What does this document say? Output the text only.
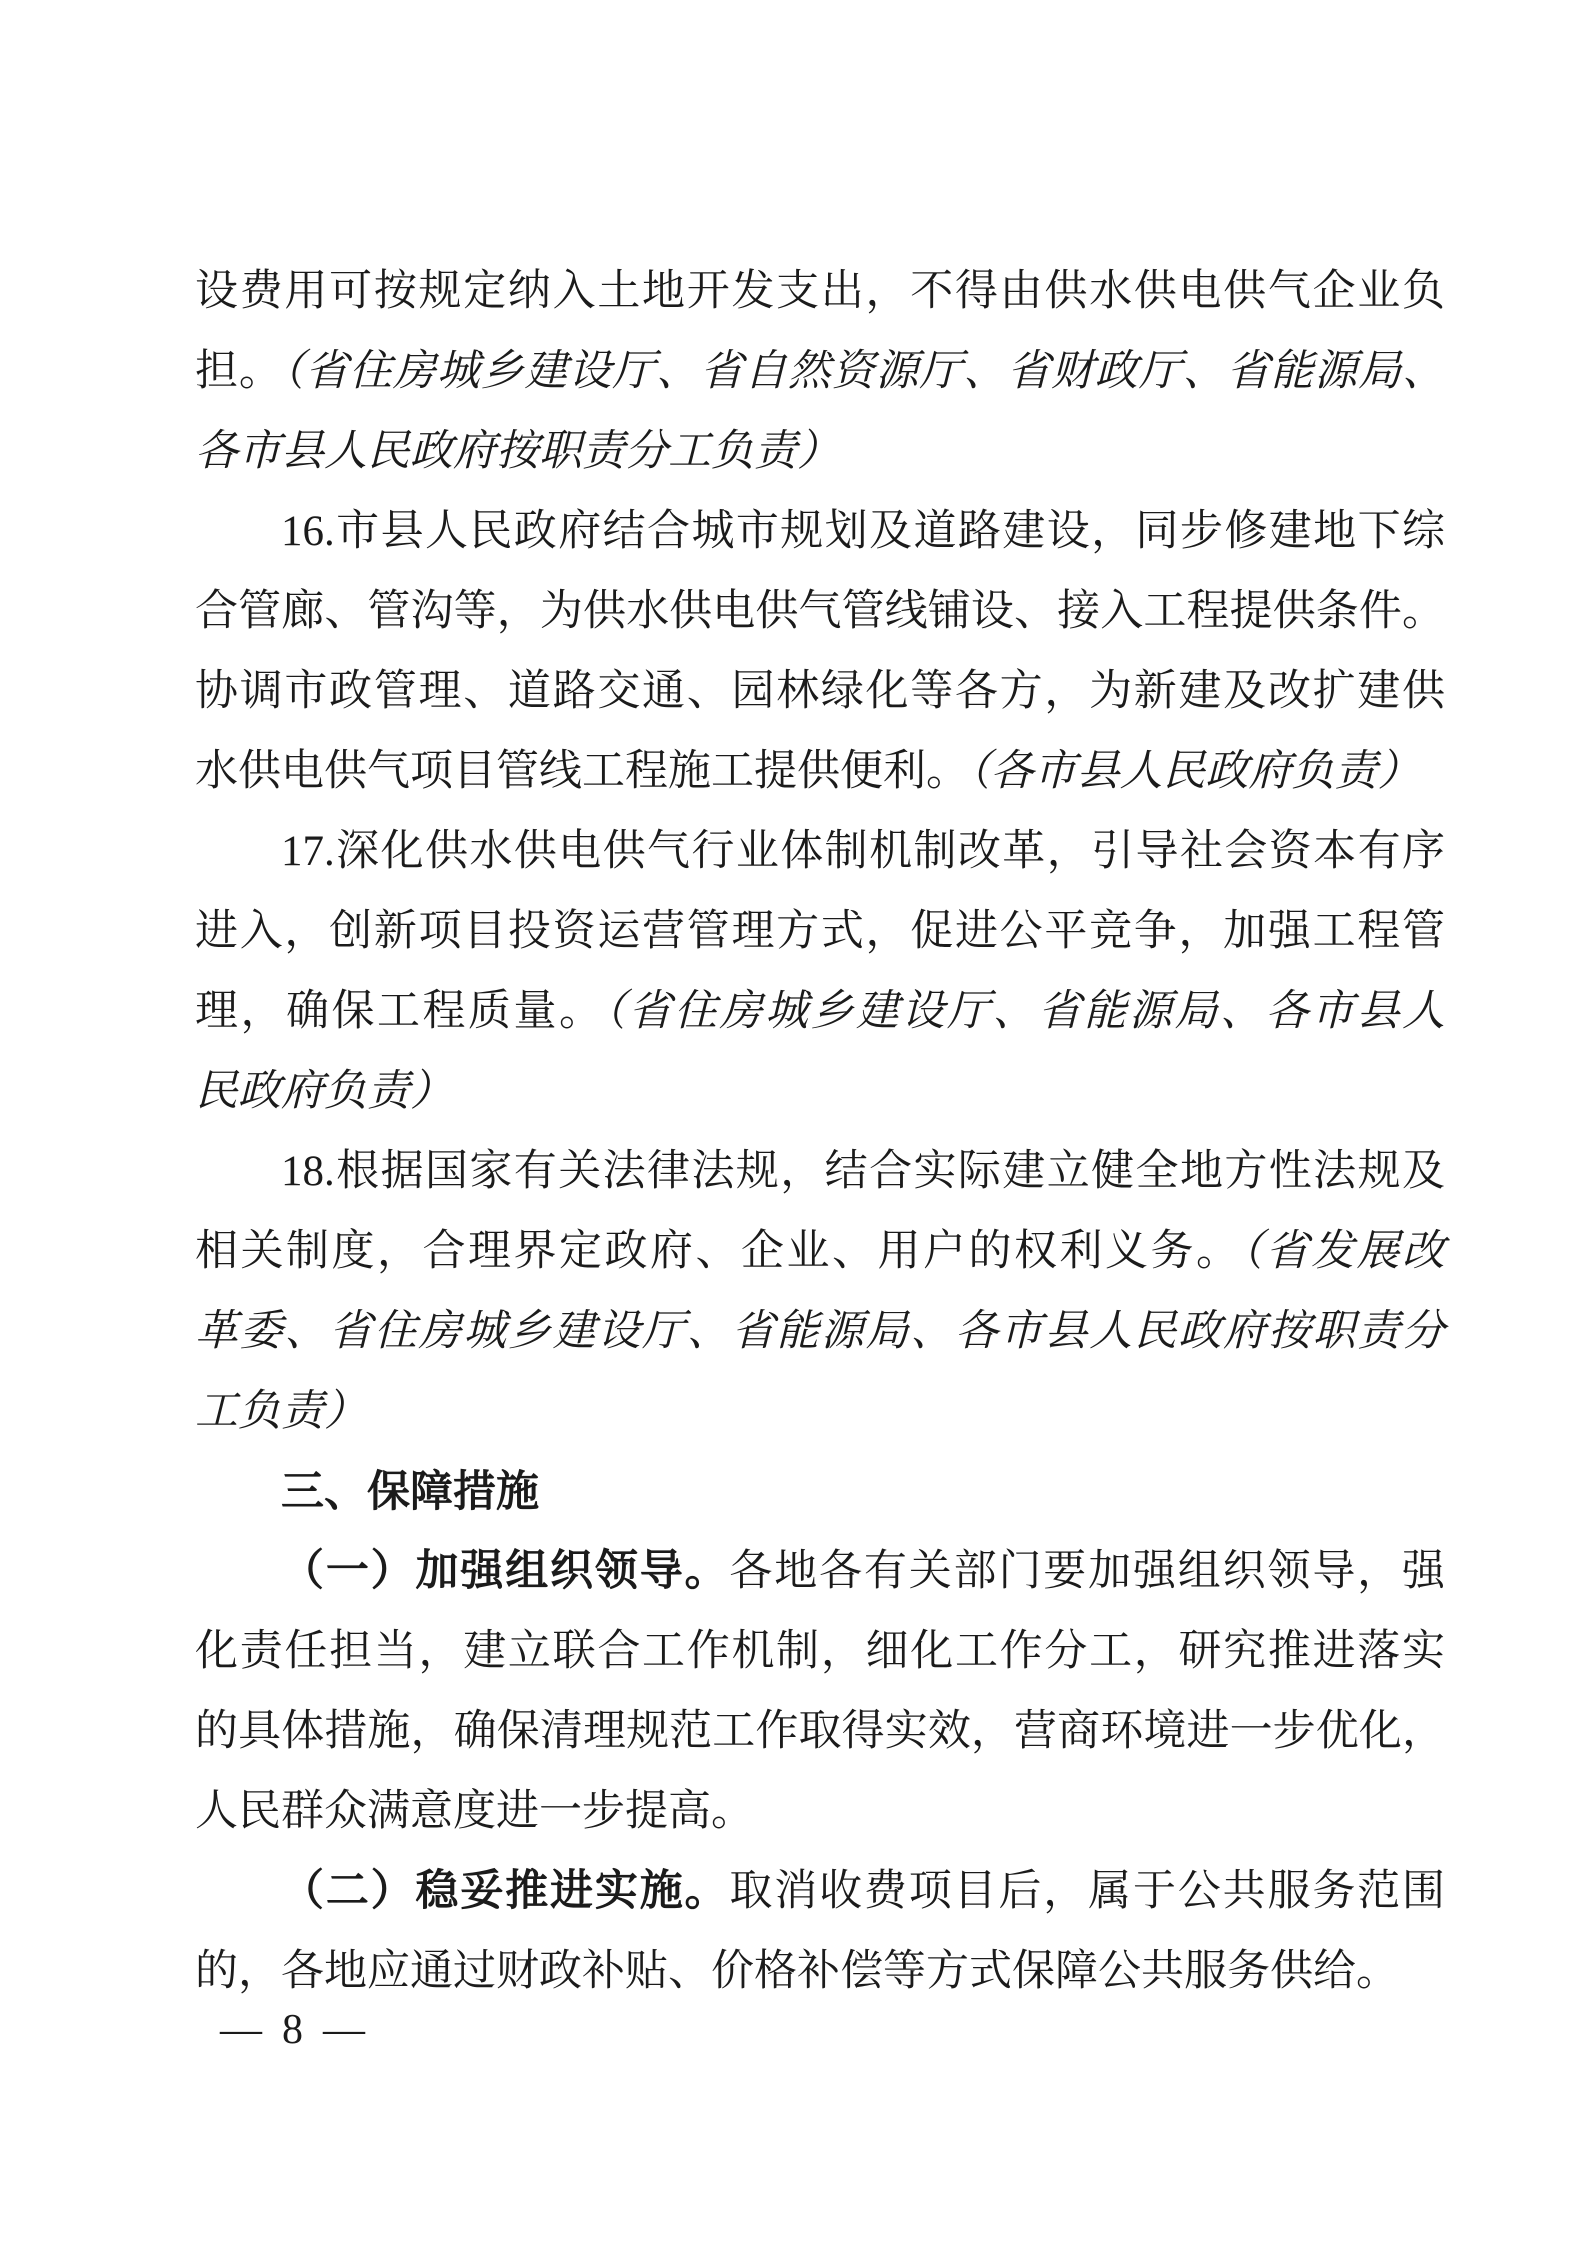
设费用可按规定纳入土地开发支出，不得由供水供电供气企业负
担。（省住房城乡建设厅、省自然资源厅、省财政厅、省能源局、
各市县人民政府按职责分工负责）
16.市县人民政府结合城市规划及道路建设，同步修建地下综
合管廊、管沟等，为供水供电供气管线铺设、接入工程提供条件。
协调市政管理、道路交通、园林绿化等各方，为新建及改扩建供
水供电供气项目管线工程施工提供便利。（各市县人民政府负责）
17.深化供水供电供气行业体制机制改革，引导社会资本有序
进入，创新项目投资运营管理方式，促进公平竞争，加强工程管
理，确保工程质量。（省住房城乡建设厅、省能源局、各市县人
民政府负责）
18.根据国家有关法律法规，结合实际建立健全地方性法规及
相关制度，合理界定政府、企业、用户的权利义务。（省发展改
革委、省住房城乡建设厅、省能源局、各市县人民政府按职责分
工负责）
三、保障措施
（一）加强组织领导。各地各有关部门要加强组织领导，强
化责任担当，建立联合工作机制，细化工作分工，研究推进落实
的具体措施，确保清理规范工作取得实效，营商环境进一步优化，
人民群众满意度进一步提高。
（二）稳妥推进实施。取消收费项目后，属于公共服务范围
的，各地应通过财政补贴、价格补偿等方式保障公共服务供给。
— 8 —
